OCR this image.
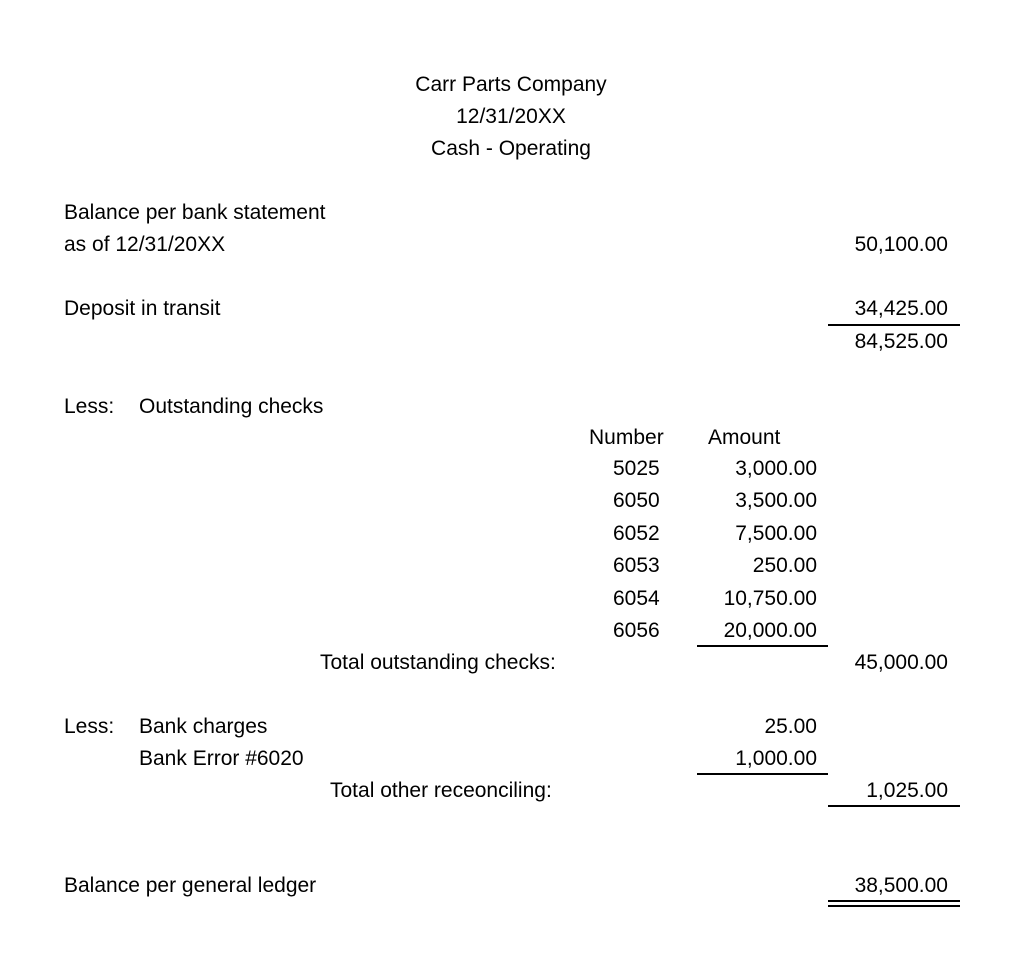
Carr Parts Company
12/31/20XX
Cash - Operating
Balance per bank statement
as of 12/31/20XX	50,100.00
Deposit in transit	34,425.00
84,525.00
Less: Outstanding checks
Number Amount
5025	3,000.00
6050	3,500.00
6052	7,500.00
6053	250.00
6054	10,750.00
6056	20,000.00
Total outstanding checks:	45,000.00
Less: Bank charges	25.00
Bank Error #6020	1,000.00
Total other receonciling:	1,025.00
Balance per general ledger	38,500.00
